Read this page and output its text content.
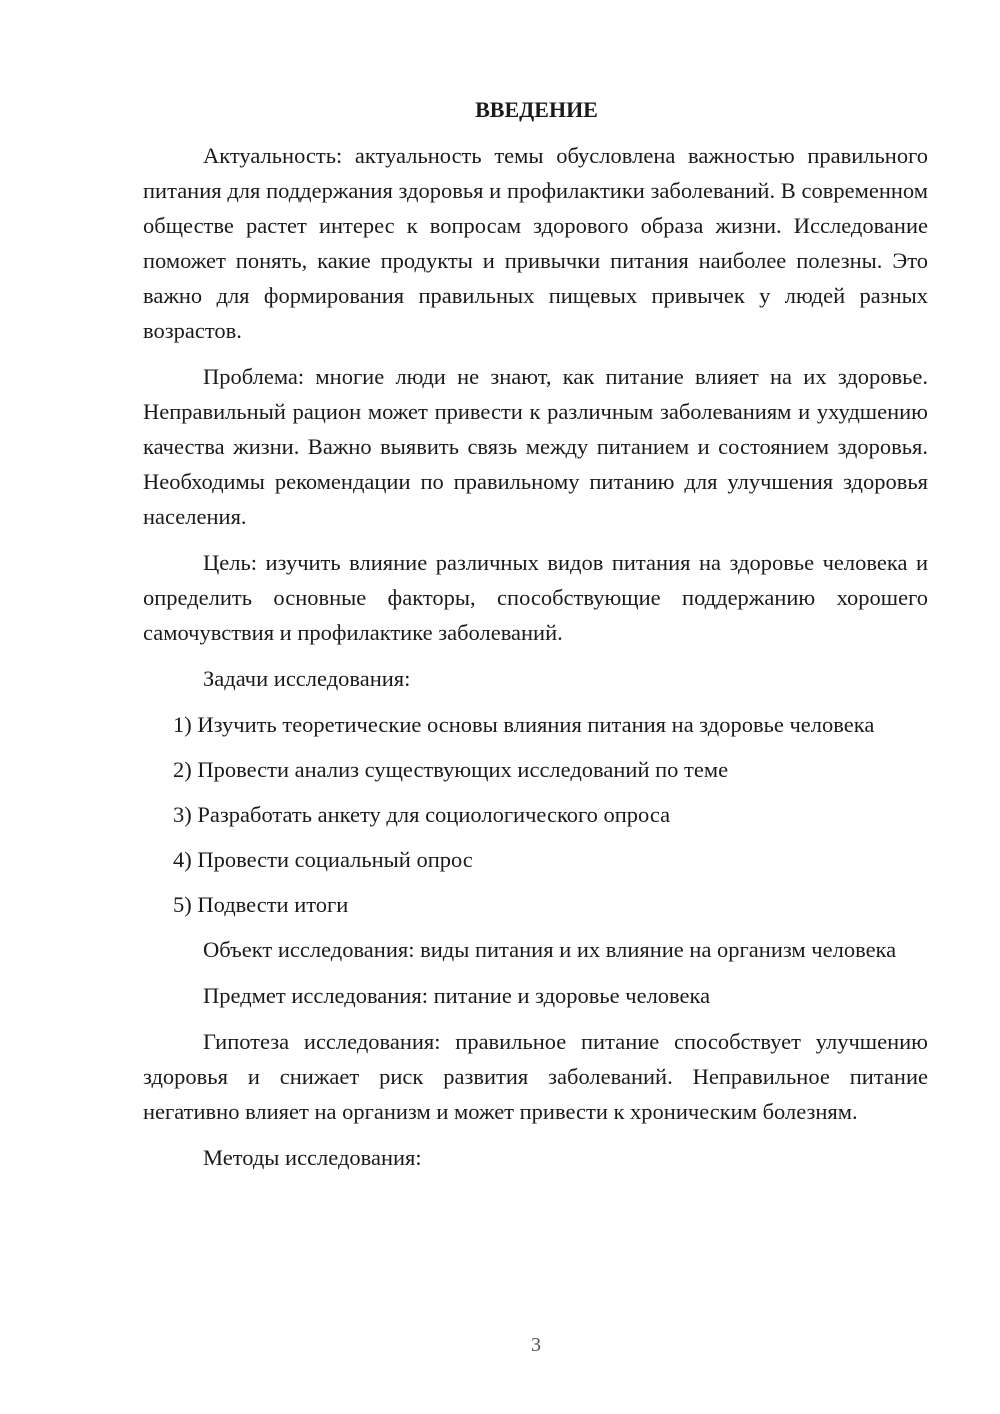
ВВЕДЕНИЕ

Актуальность: актуальность темы обусловлена важностью правильного питания для поддержания здоровья и профилактики заболеваний. В современном обществе растет интерес к вопросам здорового образа жизни. Исследование поможет понять, какие продукты и привычки питания наиболее полезны. Это важно для формирования правильных пищевых привычек у людей разных возрастов.

Проблема: многие люди не знают, как питание влияет на их здоровье. Неправильный рацион может привести к различным заболеваниям и ухудшению качества жизни. Важно выявить связь между питанием и состоянием здоровья. Необходимы рекомендации по правильному питанию для улучшения здоровья населения.

Цель: изучить влияние различных видов питания на здоровье человека и определить основные факторы, способствующие поддержанию хорошего самочувствия и профилактике заболеваний.

Задачи исследования:

1) Изучить теоретические основы влияния питания на здоровье человека

2) Провести анализ существующих исследований по теме

3) Разработать анкету для социологического опроса

4) Провести социальный опрос

5) Подвести итоги

Объект исследования: виды питания и их влияние на организм человека

Предмет исследования: питание и здоровье человека

Гипотеза исследования: правильное питание способствует улучшению здоровья и снижает риск развития заболеваний. Неправильное питание негативно влияет на организм и может привести к хроническим болезням.

Методы исследования:

3
